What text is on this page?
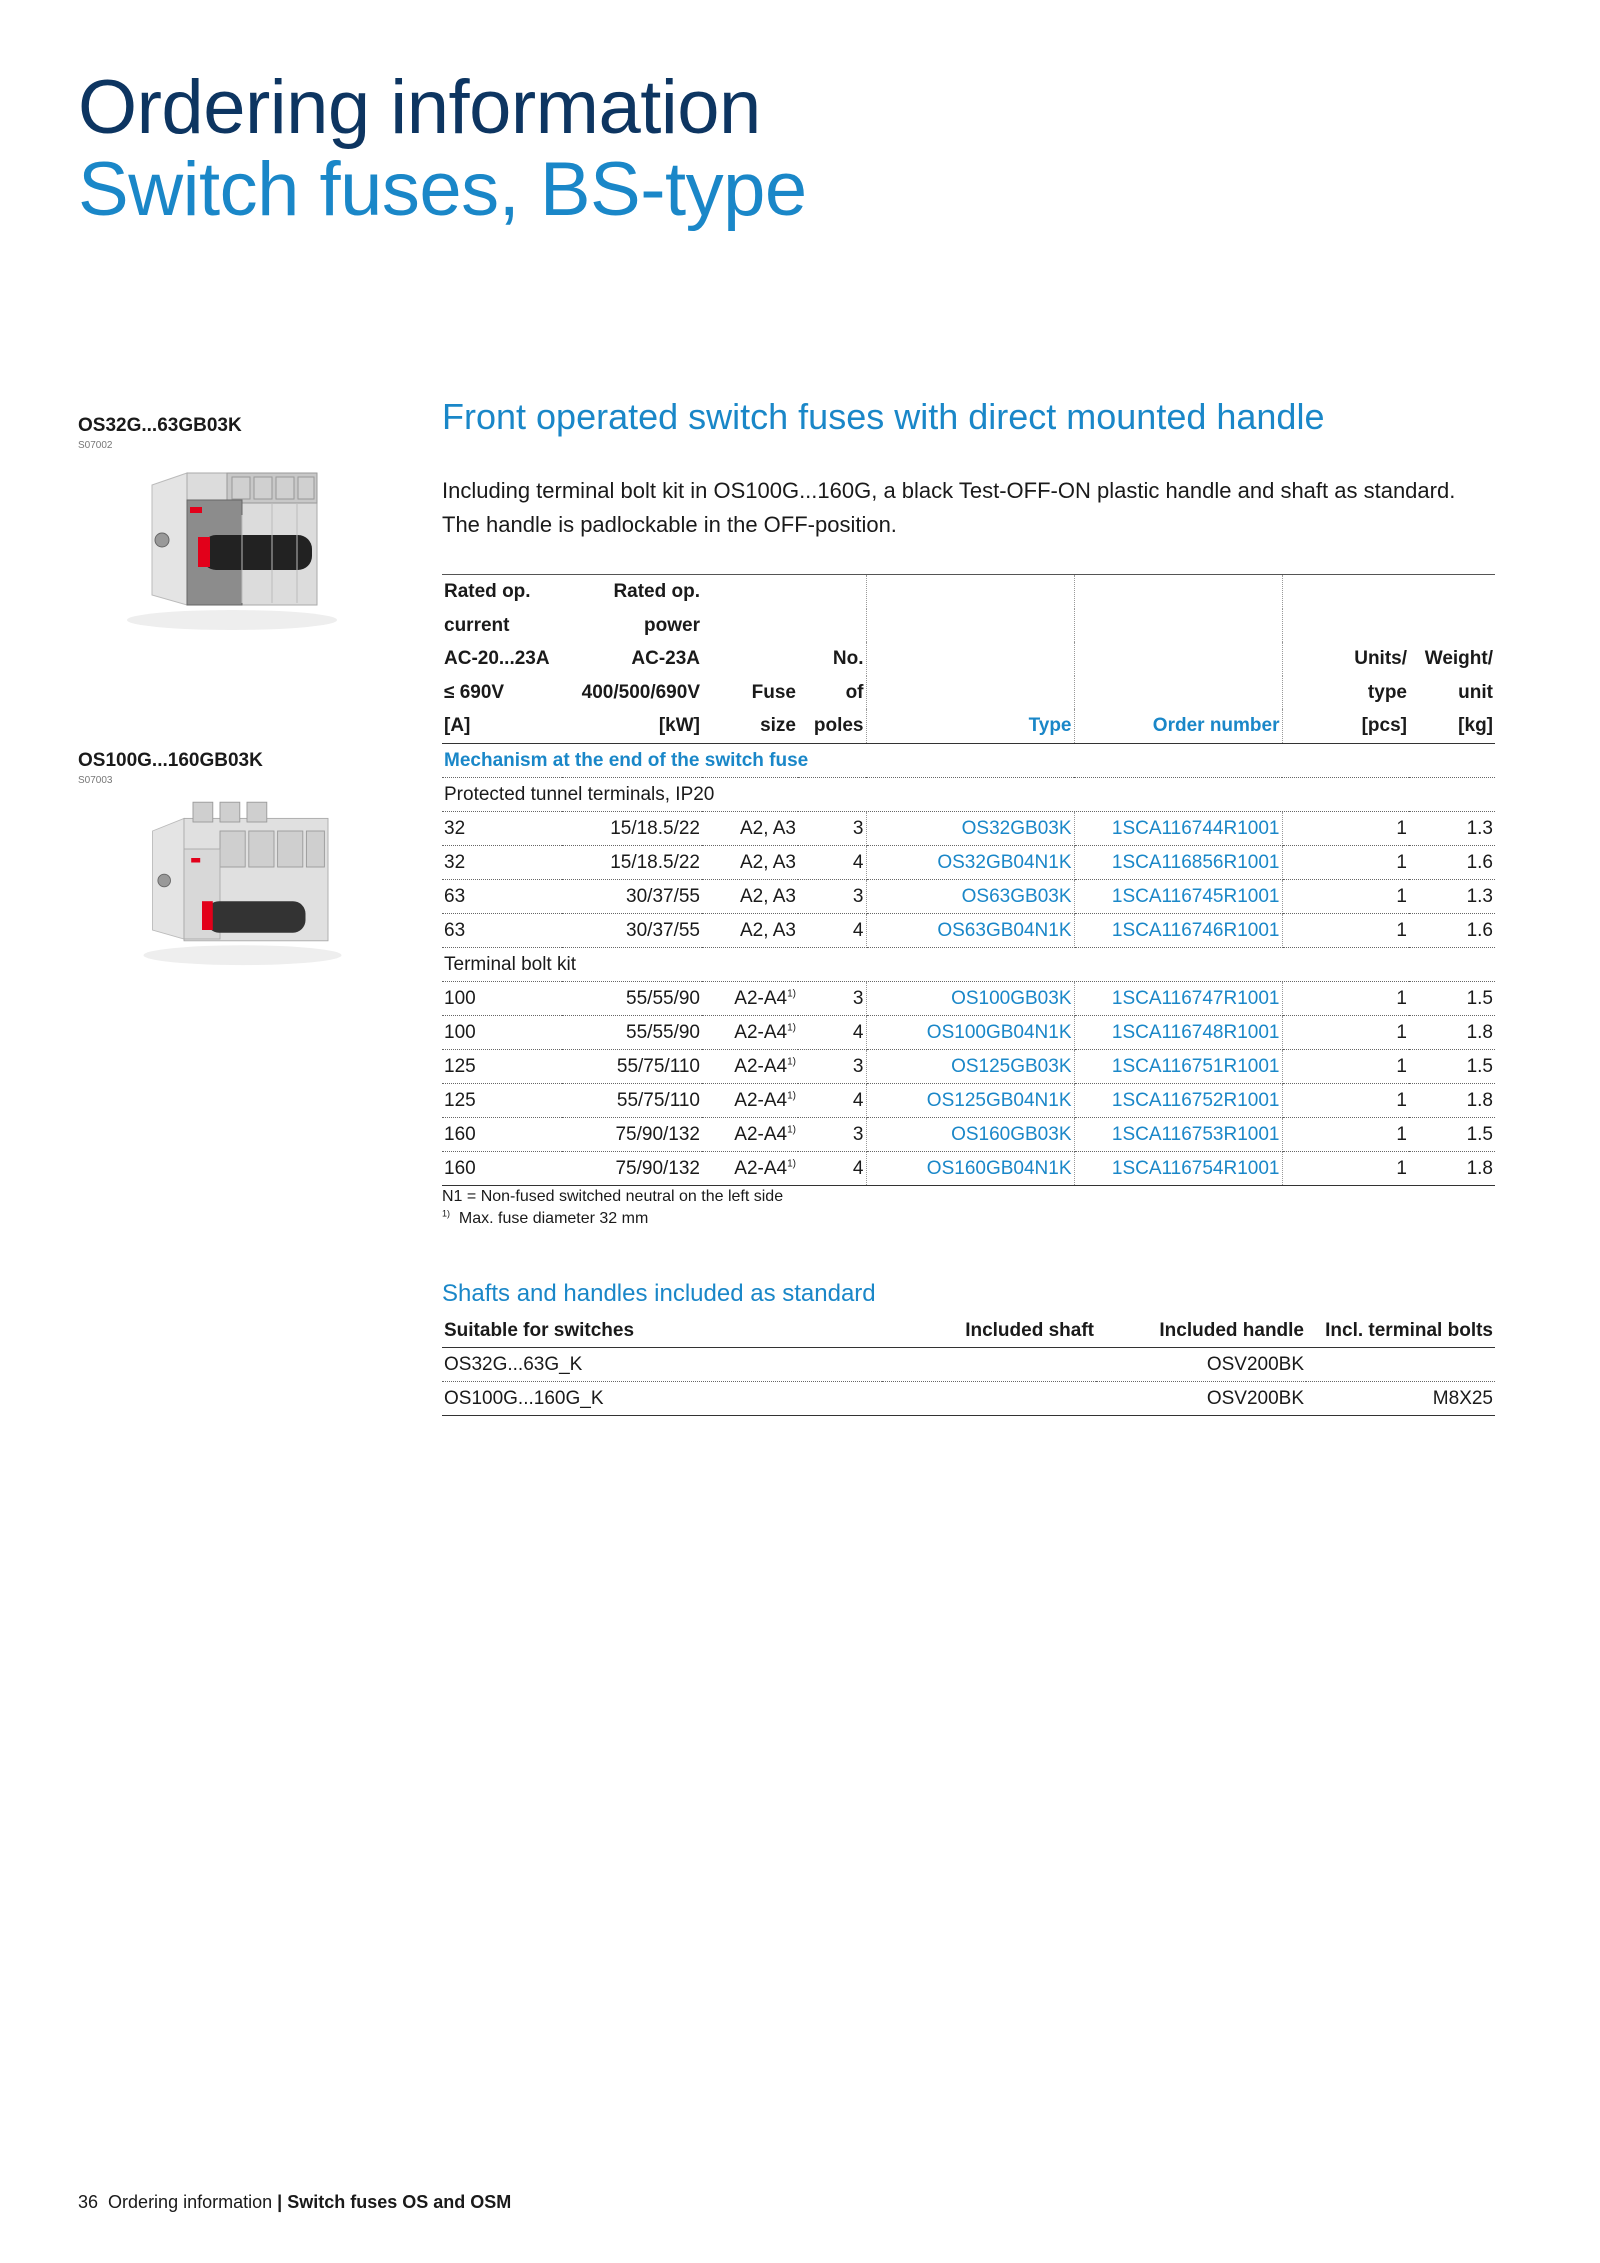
Ordering information
Switch fuses, BS-type
OS32G...63GB03K
S07002
OS100G...160GB03K
S07003
Front operated switch fuses with direct mounted handle
Including terminal bolt kit in OS100G...160G, a black Test-OFF-ON plastic handle and shaft as standard. The handle is padlockable in the OFF-position.
Rated op.	Rated op.						
current	power						
AC-20...23A	AC-23A		No.			Units/	Weight/
≤ 690V	400/500/690V	Fuse	of			type	unit
[A]	[kW]	size	poles	Type	Order number	[pcs]	[kg]
Mechanism at the end of the switch fuse							
Protected tunnel terminals, IP20							
32	15/18.5/22	A2, A3	3	OS32GB03K	1SCA116744R1001	1	1.3
32	15/18.5/22	A2, A3	4	OS32GB04N1K	1SCA116856R1001	1	1.6
63	30/37/55	A2, A3	3	OS63GB03K	1SCA116745R1001	1	1.3
63	30/37/55	A2, A3	4	OS63GB04N1K	1SCA116746R1001	1	1.6
Terminal bolt kit							
100	55/55/90	A2-A4$^{1)}$	3	OS100GB03K	1SCA116747R1001	1	1.5
100	55/55/90	A2-A4$^{1)}$	4	OS100GB04N1K	1SCA116748R1001	1	1.8
125	55/75/110	A2-A4$^{1)}$	3	OS125GB03K	1SCA116751R1001	1	1.5
125	55/75/110	A2-A4$^{1)}$	4	OS125GB04N1K	1SCA116752R1001	1	1.8
160	75/90/132	A2-A4$^{1)}$	3	OS160GB03K	1SCA116753R1001	1	1.5
160	75/90/132	A2-A4$^{1)}$	4	OS160GB04N1K	1SCA116754R1001	1	1.8
N1 = Non-fused switched neutral on the left side
$^{1)}$ Max. fuse diameter 32 mm
Shafts and handles included as standard
Suitable for switches	Included shaft	Included handle	Incl. terminal bolts
OS32G...63G_K		OSV200BK	
OS100G...160G_K		OSV200BK	M8X25
36 Ordering information | Switch fuses OS and OSM
